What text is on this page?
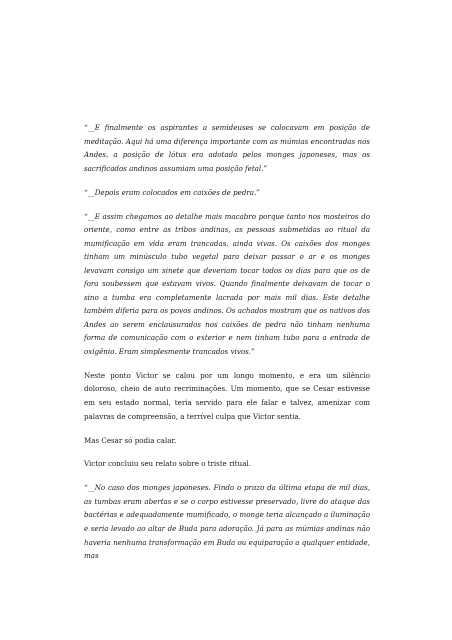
“__E finalmente os aspirantes a semideuses se colocavam em posição de meditação. Aqui há uma diferença importante com as múmias encontradas nos Andes, a posição de lótus era adotada pelos monges japoneses, mas os sacrificados andinos assumiam uma posição fetal.”

“__Depois eram colocados em caixões de pedra.”

“__E assim chegamos ao detalhe mais macabro porque tanto nos mosteiros do oriente, como entre as tribos andinas, as pessoas submetidas ao ritual da mumificação em vida eram trancadas, ainda vivas. Os caixões dos monges tinham um minúsculo tubo vegetal para deixar passar o ar e os monges levavam consigo um sinete que deveriam tocar todos os dias para que os de fora soubessem que estavam vivos. Quando finalmente deixavam de tocar o sino a tumba era completamente lacrada por mais mil dias. Este detalhe também diferia para os povos andinos. Os achados mostram que os nativos dos Andes ao serem enclausurados nos caixões de pedra não tinham nenhuma forma de comunicação com o exterior e nem tinham tubo para a entrada de oxigênio. Eram simplesmente trancados vivos.”

Neste ponto Victor se calou por um longo momento, e era um silêncio doloroso, cheio de auto recriminações. Um momento, que se Cesar estivesse em seu estado normal, teria servido para ele falar e talvez, amenizar com palavras de compreensão, a terrível culpa que Victor sentia.

Mas Cesar só podia calar.

Victor concluiu seu relato sobre o triste ritual.

“__No caso dos monges japoneses. Findo o prazo da última etapa de mil dias, as tumbas eram abertas e se o corpo estivesse preservado, livre do ataque das bactérias e adequadamente mumificado, o monge teria alcançado a iluminação e seria levado ao altar de Buda para adoração. Já para as múmias andinas não haveria nenhuma transformação em Buda ou equiparação a qualquer entidade, mas
